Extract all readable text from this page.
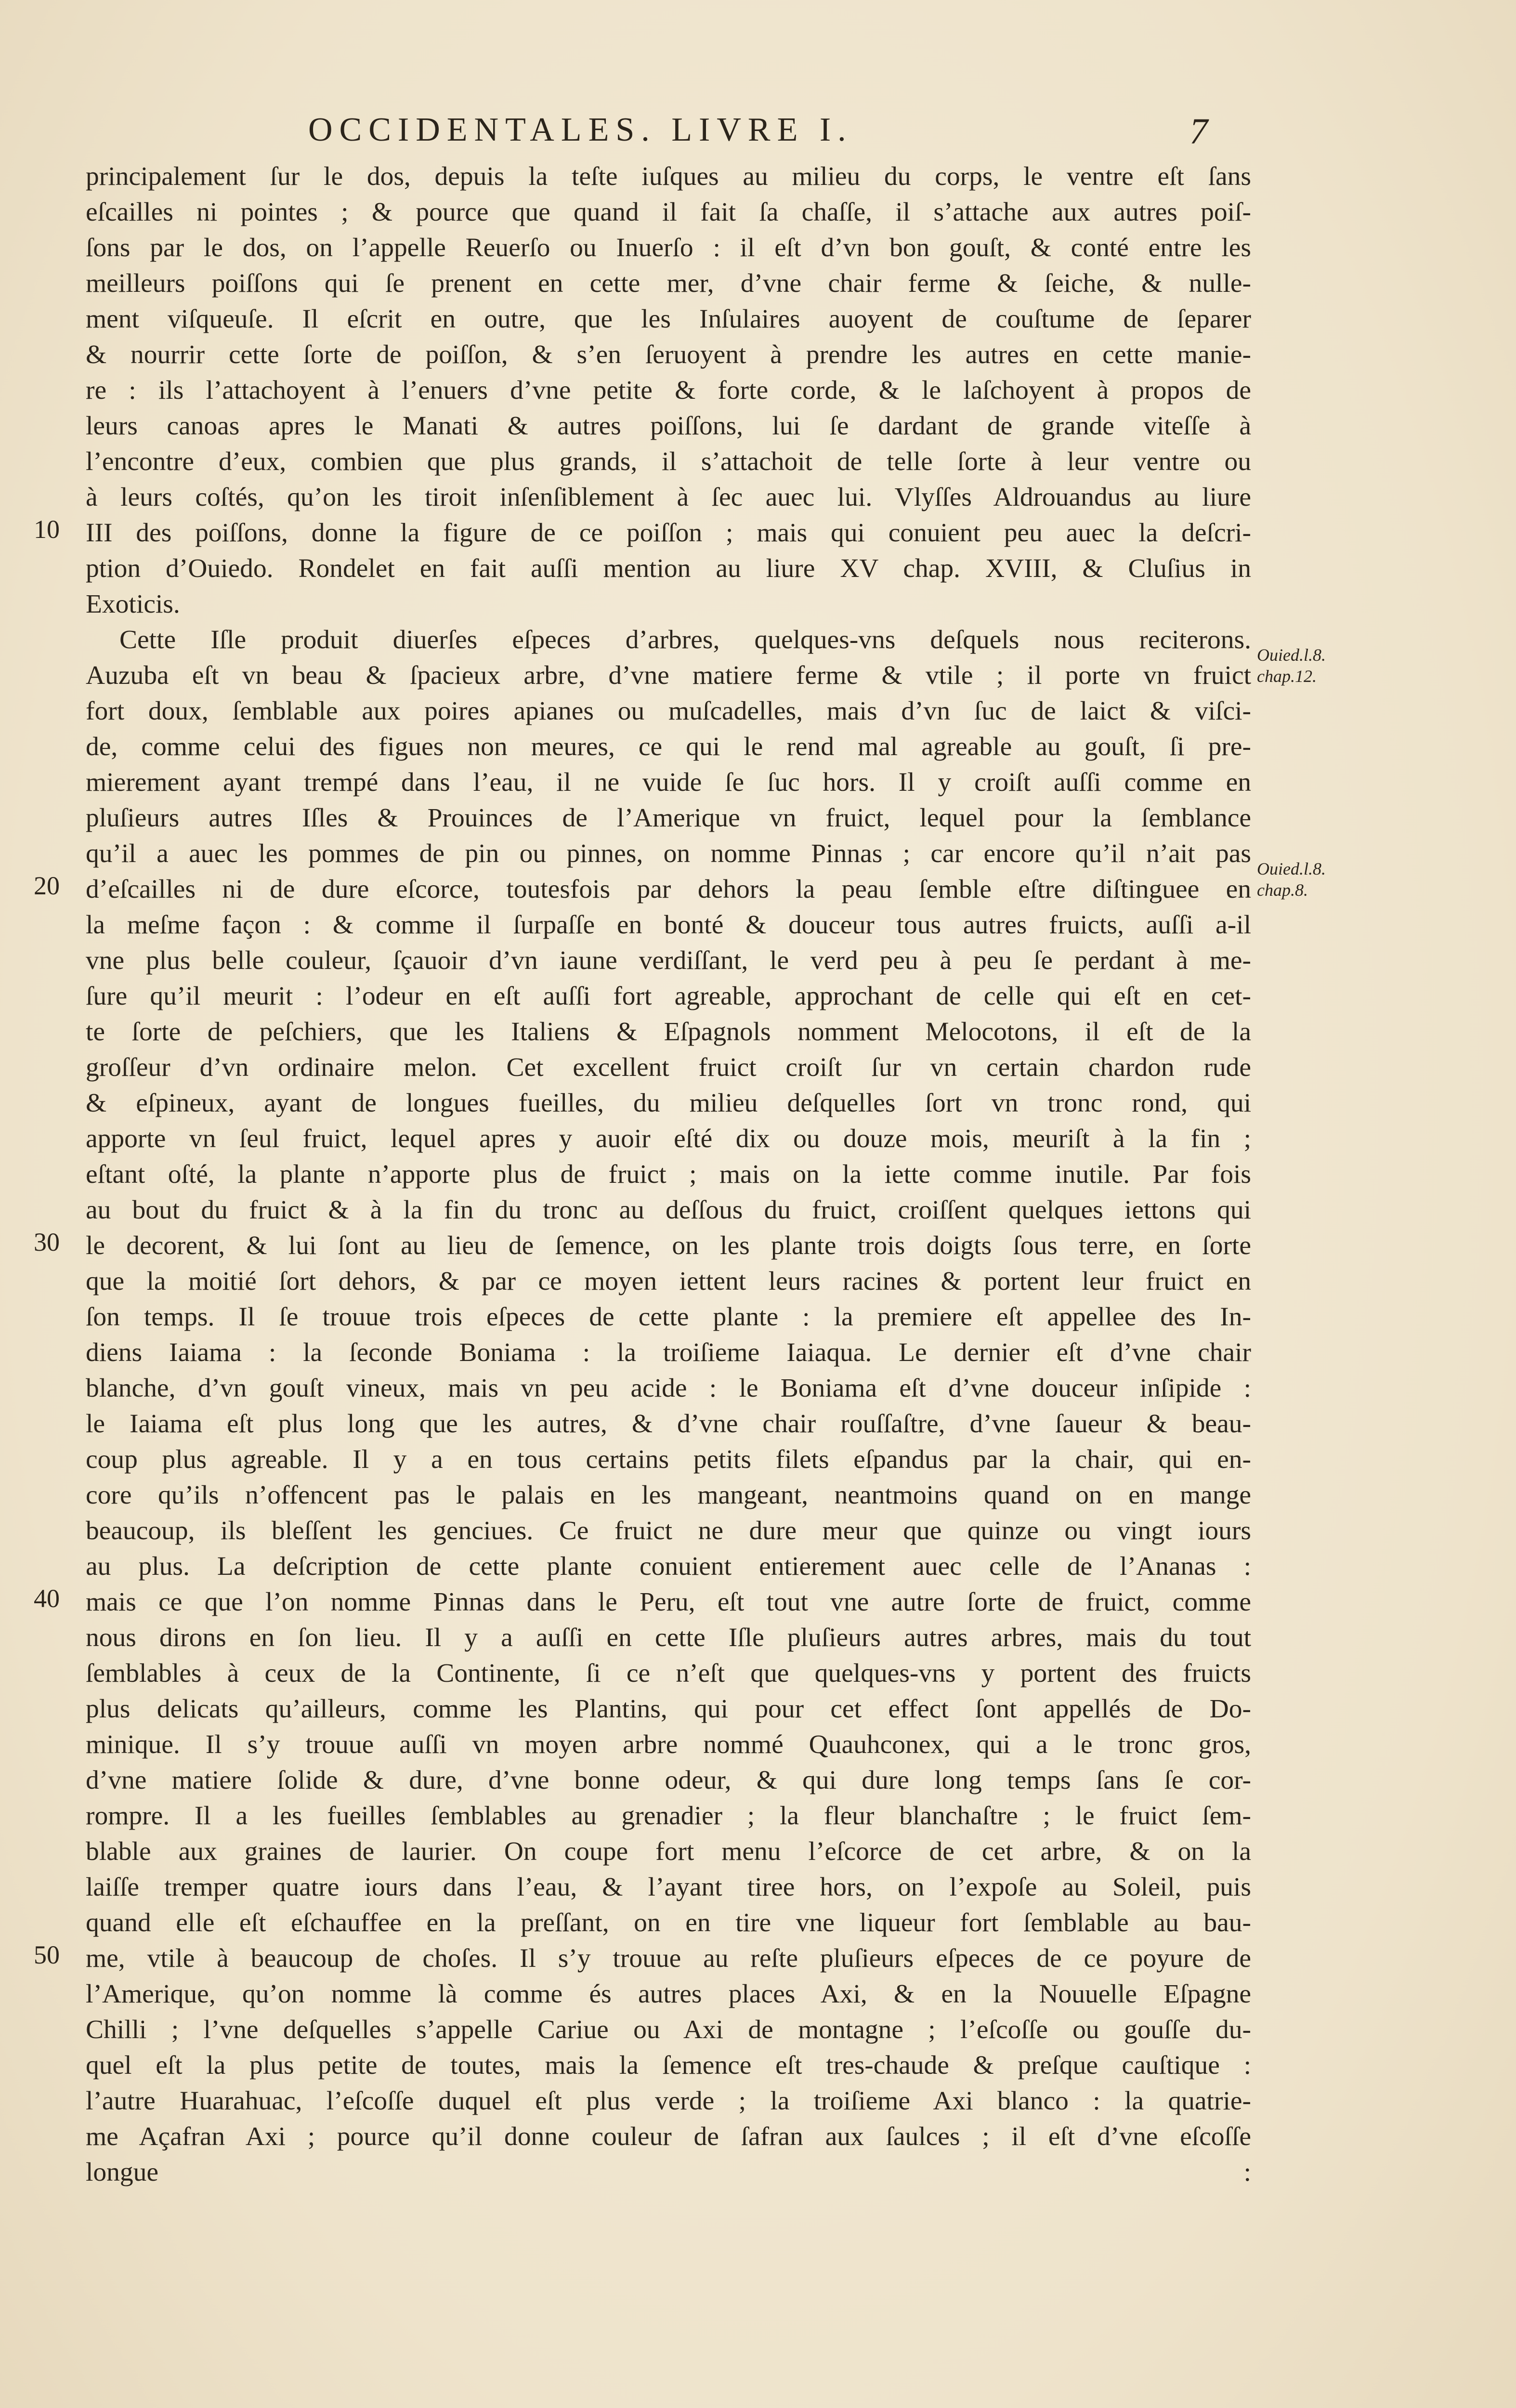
OCCIDENTALES. LIVRE I.	7
principalement ſur le dos, depuis la teſte iuſques au milieu du corps, le ventre eſt ſans
eſcailles ni pointes ; & pource que quand il fait ſa chaſſe, il s’attache aux autres poiſ-
ſons par le dos, on l’appelle Reuerſo ou Inuerſo : il eſt d’vn bon gouſt, & conté entre les
meilleurs poiſſons qui ſe prenent en cette mer, d’vne chair ferme & ſeiche, & nulle-
ment viſqueuſe. Il eſcrit en outre, que les Inſulaires auoyent de couſtume de ſeparer
& nourrir cette ſorte de poiſſon, & s’en ſeruoyent à prendre les autres en cette manie-
re : ils l’attachoyent à l’enuers d’vne petite & forte corde, & le laſchoyent à propos de
leurs canoas apres le Manati & autres poiſſons, lui ſe dardant de grande viteſſe à
l’encontre d’eux, combien que plus grands, il s’attachoit de telle ſorte à leur ventre ou
à leurs coſtés, qu’on les tiroit inſenſiblement à ſec auec lui. Vlyſſes Aldrouandus au liure
III des poiſſons, donne la figure de ce poiſſon ; mais qui conuient peu auec la deſcri-
ption d’Ouiedo. Rondelet en fait auſſi mention au liure XV chap. XVIII, & Cluſius in
Exoticis.
Cette Iſle produit diuerſes eſpeces d’arbres, quelques-vns deſquels nous reciterons.
Auzuba eſt vn beau & ſpacieux arbre, d’vne matiere ferme & vtile ; il porte vn fruict
fort doux, ſemblable aux poires apianes ou muſcadelles, mais d’vn ſuc de laict & viſci-
de, comme celui des figues non meures, ce qui le rend mal agreable au gouſt, ſi pre-
mierement ayant trempé dans l’eau, il ne vuide ſe ſuc hors. Il y croiſt auſſi comme en
pluſieurs autres Iſles & Prouinces de l’Amerique vn fruict, lequel pour la ſemblance
qu’il a auec les pommes de pin ou pinnes, on nomme Pinnas ; car encore qu’il n’ait pas
d’eſcailles ni de dure eſcorce, toutesfois par dehors la peau ſemble eſtre diſtinguee en
la meſme façon : & comme il ſurpaſſe en bonté & douceur tous autres fruicts, auſſi a-il
vne plus belle couleur, ſçauoir d’vn iaune verdiſſant, le verd peu à peu ſe perdant à me-
ſure qu’il meurit : l’odeur en eſt auſſi fort agreable, approchant de celle qui eſt en cet-
te ſorte de peſchiers, que les Italiens & Eſpagnols nomment Melocotons, il eſt de la
groſſeur d’vn ordinaire melon. Cet excellent fruict croiſt ſur vn certain chardon rude
& eſpineux, ayant de longues fueilles, du milieu deſquelles ſort vn tronc rond, qui
apporte vn ſeul fruict, lequel apres y auoir eſté dix ou douze mois, meuriſt à la fin ;
eſtant oſté, la plante n’apporte plus de fruict ; mais on la iette comme inutile. Par fois
au bout du fruict & à la fin du tronc au deſſous du fruict, croiſſent quelques iettons qui
le decorent, & lui ſont au lieu de ſemence, on les plante trois doigts ſous terre, en ſorte
que la moitié ſort dehors, & par ce moyen iettent leurs racines & portent leur fruict en
ſon temps. Il ſe trouue trois eſpeces de cette plante : la premiere eſt appellee des In-
diens Iaiama : la ſeconde Boniama : la troiſieme Iaiaqua. Le dernier eſt d’vne chair
blanche, d’vn gouſt vineux, mais vn peu acide : le Boniama eſt d’vne douceur inſipide :
le Iaiama eſt plus long que les autres, & d’vne chair rouſſaſtre, d’vne ſaueur & beau-
coup plus agreable. Il y a en tous certains petits filets eſpandus par la chair, qui en-
core qu’ils n’offencent pas le palais en les mangeant, neantmoins quand on en mange
beaucoup, ils bleſſent les genciues. Ce fruict ne dure meur que quinze ou vingt iours
au plus. La deſcription de cette plante conuient entierement auec celle de l’Ananas :
mais ce que l’on nomme Pinnas dans le Peru, eſt tout vne autre ſorte de fruict, comme
nous dirons en ſon lieu. Il y a auſſi en cette Iſle pluſieurs autres arbres, mais du tout
ſemblables à ceux de la Continente, ſi ce n’eſt que quelques-vns y portent des fruicts
plus delicats qu’ailleurs, comme les Plantins, qui pour cet effect ſont appellés de Do-
minique. Il s’y trouue auſſi vn moyen arbre nommé Quauhconex, qui a le tronc gros,
d’vne matiere ſolide & dure, d’vne bonne odeur, & qui dure long temps ſans ſe cor-
rompre. Il a les fueilles ſemblables au grenadier ; la fleur blanchaſtre ; le fruict ſem-
blable aux graines de laurier. On coupe fort menu l’eſcorce de cet arbre, & on la
laiſſe tremper quatre iours dans l’eau, & l’ayant tiree hors, on l’expoſe au Soleil, puis
quand elle eſt eſchauffee en la preſſant, on en tire vne liqueur fort ſemblable au bau-
me, vtile à beaucoup de choſes. Il s’y trouue au reſte pluſieurs eſpeces de ce poyure de
l’Amerique, qu’on nomme là comme és autres places Axi, & en la Nouuelle Eſpagne
Chilli ; l’vne deſquelles s’appelle Cariue ou Axi de montagne ; l’eſcoſſe ou gouſſe du-
quel eſt la plus petite de toutes, mais la ſemence eſt tres-chaude & preſque cauſtique :
l’autre Huarahuac, l’eſcoſſe duquel eſt plus verde ; la troiſieme Axi blanco : la quatrie-
me Açafran Axi ; pource qu’il donne couleur de ſafran aux ſaulces ; il eſt d’vne eſcoſſe
longue :
10
20
30
40
50
Ouied.l.8.
chap.12.
Ouied.l.8.
chap.8.
